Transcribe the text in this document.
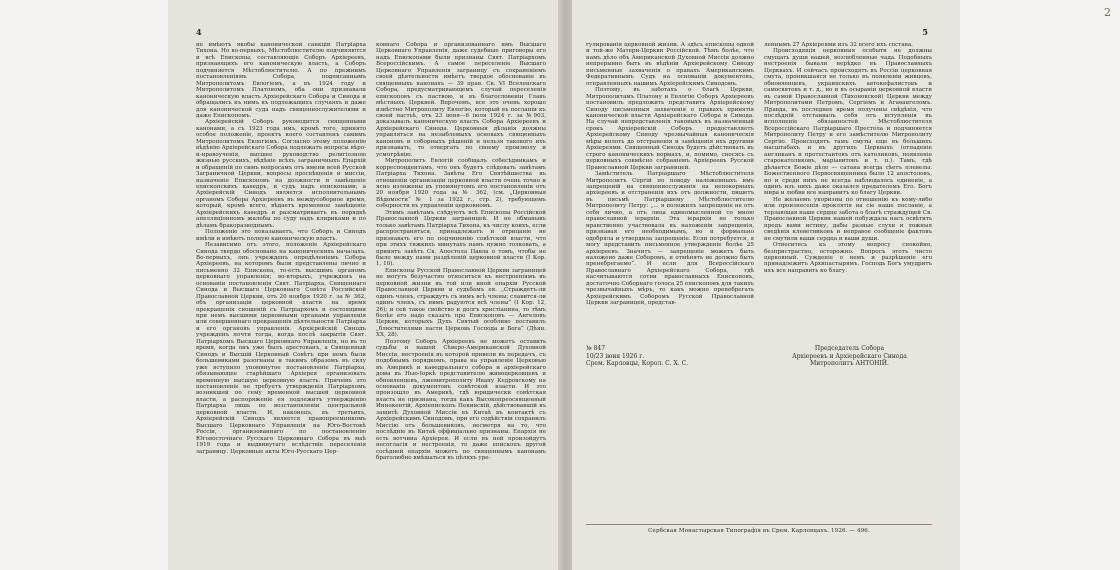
4

не имѣютъ якобы канонической санкціи Патріарха Тихона. Но во-первыхъ, Мѣстоблюстителю подчиняются и всѣ Епископы, составляющіе Соборъ Архіереевъ, признающихъ его каноническую власть, а Соборъ подчиняется Мѣстоблюстителю. А по прежнимъ постановленіямъ Собора, подписаннымъ Митрополитомъ Евлогіемъ, а въ 1924 году и Митрополитомъ Платономъ, оба они признавали каноническую власть Архіерейскаго Собора и Синода и обращались къ нимъ въ подлежащихъ случаяхъ и даже для канонической суда надъ священнослужителями и даже Епископомъ.

Архіерейскій Соборъ руководится священными канонами, а съ 1923 года имъ, кромѣ того, принято особое положеніе, проектъ коего составленъ самимъ Митрополитомъ Евлогіемъ. Согласно этому положенію вѣдѣнію Архіерейскаго Собора подлежатъ вопросы вѣро-и-нравоученія, высшее руководство религіозною жизнью русскихъ, вѣдѣніе всѣхъ заграничныхъ Епархій и обращеній по симъ вопросамъ отъ имени всей Русской Заграничной Церкви, вопросы просвѣщенія и миссіи, назначеніе Епископовъ на должности и замѣщеніе епископскихъ каѳедръ, и судъ надъ епископами; а Архіерейскій Синодъ является исполнительнымъ органомъ Собора Архіереевъ въ междусоборное время, который, кромѣ всего, вѣдаетъ временное замѣщеніе Архіерейскихъ каѳедръ и разсматриваетъ въ порядкѣ апелляціонномъ жалобы по суду надъ клириками и по дѣламъ бракоразводнымъ.

Положеніе это показываетъ, что Соборъ и Синодъ имѣли и имѣютъ полную каноническую власть.

Независимо отъ этого, положеніе Архіерейскаго Синода твердо обосновано на каноническихъ началахъ. Во-первыхъ, онъ учрежденъ опредѣленіемъ Собора Архіереевъ, на которомъ были представлены лично и письменно 32 Епископа, то-есть высшимъ органомъ церковнаго управленія; во-вторыхъ, учрежденъ на основаніи постановленія Свят. Патріарха, Священнаго Синода и Высшаго Церковнаго Совѣта Российской Православной Церкви, отъ 20 ноября 1920 г. за № 362, объ организаціи церковной власти на время прекращенія сношеній съ Патріархомъ и состоящими при немъ высшими церковными органами управленія или совершеннаго прекращенія дѣятельности Патріарха и его органовъ управленія. Архіерейскій Синодъ учрежденъ почти тогда, когда послѣ закрытія Свят. Патріархомъ Высшаго Церковнаго Управленія, но въ то время, когда онъ уже былъ арестованъ, а Священный Синодъ и Высшій Церковный Совѣтъ при немъ были большевиками разогнаны и такимъ образомъ въ силу уже вступило упомянутое постановленіе Патріарха, обязывающее старѣйшаго Архіерея организовать временную высшую церковную власть. Причемъ это постановленіе не требуетъ утвержденія Патріархомъ возникшей по сему временной высшей церковной власти, а распоряженіе ея подлежитъ утвержденію Патріарха лишь по возстановленіи центральной церковной власти. И, наконецъ, въ третьихъ, Архіерейскій Синодъ является правопреемникомъ Высшаго Церковнаго Управленія на Юго-Востокѣ Россіи, организованнаго по постановленію Юговосточнаго Русскаго Церковнаго Собора въ маѣ 1919 года и выдвинутаго вслѣдствіе переселенія заграницу. Церковные акты Юго-Русскаго Цер-

ковнаго Собора и организованнаго имъ Высшаго Церковнаго Управленія, даже судебные приговоры его надъ Епископами были признаны Свят. Патріархомъ Всероссійскимъ. А самое переселеніе Высшаго Церковнаго Управленія заграницу съ сохраненіемъ своей дѣятельности имѣетъ твердое обоснованіе въ священныхъ канонахъ — 39 прав. Св. VI Вселенскаго Собора, предусматривающемъ случай переселенія епископовъ съ паствою, и въ благословеніи Главъ мѣстныхъ Церквей. Впрочемъ, все это очень хорошо извѣстно Митрополиту Евлогію, который въ посланіи къ своей пастьѣ, отъ 23 іюня—6 іюля 1924 г. за №903, доказывалъ каноническую власть Собора Архіереевъ и Архіерейскаго Синода. Церковныя дѣланія должны управляться на незыблемыхъ основахъ священныхъ каноновъ и соборныхъ рѣшеній и нельзя такового ихъ признавать, то отвергать по своему произволу и усмотрѣнію.

Митрополитъ Евлогій сообщалъ собесѣдникамъ и корреспондентамъ, что онъ будетъ слѣдовать завѣтамъ Патріарха Тихона. Завѣты Его Святѣйшества въ отношеніи организаціи церковной власти очень точно и ясно изложены въ упомянутомъ его постановленіи отъ 20 ноября 1920 года за № 362, (см. „Церковныя Вѣдомости“ № 1 за 1922 г., стр. 2), требующемъ соборности въ управленіи церковномъ.

Этимъ завѣтамъ слѣдуютъ всѣ Епископы Россійской Православной Церкви заграницей. И не обманывъ только завѣтамъ Патріарха Тихона, къ числу коихъ, если распространяться, принадлежатъ и отрицаніе не признавать его по подчиненію совѣтской власти, что при этихъ тяжкихъ минутахъ намъ нужно толковать, а принятъ завѣтъ Св. Апостола Павла о томъ, чтобы не было между нами раздѣленій церковной власти (I Кор. 1, 10).

Епископы Русской Православной Церкви заграницей не могутъ безучастно относиться къ нестроеніямъ въ церковной жизни въ той или иной епархіи Русской Православной Церкви и судьбамъ ея. „Страждетъ-ли одинъ членъ, страждутъ съ нимъ всѣ члены; славится-ли одинъ членъ, съ нимъ радуются всѣ члены“ (I Кор. 12, 26); и сей такое свойство и долгъ христіанина, то тѣмъ болѣе его надо сказать про Епископовъ — Ангеловъ Церкви, которыхъ Духъ Святый особливо поставилъ „блюстителями пасти Церковь Господа и Бога“ (Дѣян. XX, 28).

Поэтому Соборъ Архіереевъ не можетъ оставить судьбы и нашей Сѣверо-Американской Духовной Миссіи, нестроенія въ которой привели въ передачъ, съ подобнымъ порядкомъ, права на управленіе Церковью въ Америкѣ и каѳедральнаго собора и архіерейскаго дома въ Нью-Іоркѣ представителю живоцерковцевъ и обновленцевъ, лжемитрополиту Ивану Кедровскому на основаніи документовъ совѣтской власти. И это произошло въ Америкѣ, гдѣ юридически совѣтская власть не признана, тогда какъ Высокопреосвященный Иннокентій, Архіепископъ Пекинскій, дѣйствовавшій въ защитѣ Духовной Миссіи въ Китаѣ въ контактѣ съ Архіерейскимъ Синодомъ, при его содѣйствіи сохранилъ Миссію отъ большевиковъ, несмотря на то, что послѣдніе въ Китаѣ оффиціально признаны. Епархія не есть вотчина Архіерея. И если въ ней произойдутъ несогласія и нестроенія, то даже епископъ другой сосѣдней епархіи можетъ по священнымъ канонамъ братолюбно вмѣшаться въ цѣляхъ уре-

5

гулированія церковной жизни. А здѣсь епископы одной и той-же Матери-Церкви Россійской. Тѣмъ болѣе, что намъ дѣло объ Американской Духовной Миссіи должно непрерывно быть въ вѣдѣніи Архіерейскому Синоду письменные захваченія о правахъ Американскимъ Федеративнымъ Судъ на основаніи документовъ, отправленныхъ нашимъ Архіерейскимъ Синодомъ.

Поэтому, въ заботахъ о благѣ Церкви, Митрополитамъ Платону и Евлогію Соборъ Архіереевъ постановилъ предложить представить Архіерейскому Синоду письменныя захваченія о правахъ принятія канонической власти Архіерейскаго Собора и Синода. На случай непредставленія таковыхъ въ назначенный срокъ Архіерейскій Соборъ предоставляетъ Архіерейскому Синоду чрезвычайныя каноническія мѣры вплоть до отстраненія и замѣщенія ихъ другими Архіереями. Священный Синодъ будетъ дѣйствовать въ строго каноническихъ нормахъ, и, помимо, сносясь съ церковныхъ совмѣсно собраніемъ Архіереевъ Русской Православной Церкви заграницей.

Замѣститель Патріаршаго Мѣстоблюстителя Митрополитъ Сергій по поводу наложенныхъ имъ запрещеній на священнослуженія на непокорныхъ архіереевъ и отстраненія ихъ отъ должности, пишетъ въ письмѣ Патріаршему Мѣстоблюстителю Митрополиту Петру: „... я положилъ запрещеніе не отъ себя лично, а отъ лица единомысленной со мною православной іерархіи. Эта іерархія не только нравственно участвовала въ наложеніи запрещенія, признавая его необходимымъ, но и формально одобряла и утвердила запрещеніе. Если потребуется, я могу представить письменное утвержденіе болѣе 25 архіереевъ. Значитъ — запрещеніе можетъ быть наложено даже Соборомъ, и отмѣнять не должно быть пренебрегаемо“. И если для Всероссійскаго Православнаго Архіерейскаго Собора, гдѣ насчитываются сотни православныхъ Епископовъ, достаточно Соборнаго голоса 25 епископовъ для такихъ чрезвычайныхъ мѣръ, то какъ можно пренебрегать Архіерейскимъ Соборомъ Русской Православной Церкви заграницей, представ-

леннымъ 27 Архіереями изъ 32 всего ихъ состава.

Происходящія церковныя особыти не должны смущать души вашей, возлюбленные чада. Подобныхъ нестроенія бывали нерѣдко въ Православныхъ Церквахъ. И сейчасъ происходятъ въ Россіи церковная смута, проникшаяся не только въ появленіи живцовъ, обновленцевъ, украинскихъ автокефалистовъ и самосвятовъ и т. д., но и въ осыраніи церковной власти въ самой Православной (Тихоновской) Церкви между Митрополитами Петромъ, Сергіемъ и Агаѳангеломъ. Правда, въ последнее время получены свѣдѣнія, что послѣдній отстаивалъ себя отъ вступленія въ исполненіе обязанностей Мѣстоблюстителя Всероссійскаго Патріаршаго Престола и подчиняется Митрополиту Петру и его замѣстителю Митрополиту Сергію. Происходятъ тамъ смуты еще въ большихъ масштабахъ и въ другихъ Церквахъ (отпаденіе англиканъ и протестантовъ отъ католиковъ, появленіе старокатоликовъ, маріавитовъ и т. п.). Тамъ, гдѣ дѣлается Божіе дѣло — сатана всегда сѣетъ плевелы. Божественного Первосвященника было 12 апостоловъ, но и среди нихъ не всегда наблюдалось единеніе, а одинъ изъ нихъ даже оказался предателемъ Его. Богъ мира и любви все направитъ ко благу Церкви.

Не желаемъ укоризны по отношенію къ кому-либо или произнесенія проклятія на сіе наше посланіе, а терзающая наше сердце забота о благѣ страждущей Св. Православной Церкви нашей побуждала насъ освѣтить предъ вами истину, дабы разные слухи и ложныя сведѣнія клеветниковъ и неправое сообщеніе фактовъ не смутили ваши сердца и ваши души.

Отнеситесь къ этому вопросу спокойно, безпристрастно, осторожно. Вопросъ этотъ чисто церковный. Сужденіе о немъ и разрѣшеніе его принадлежитъ Архипастырямъ. Господь Богъ умудритъ ихъ все направить ко благу.

№ 847
10/23 іюня 1926 г.
Срем. Карловцы, Корол. С. Х. С.
Председатель Собора
Архіереевъ и Архіерейскаго Синода
Митрополитъ АНТОНІЙ.
Сербская Монастырская Типографія въ Срем. Карловцахъ. 1926. — 496.
2
